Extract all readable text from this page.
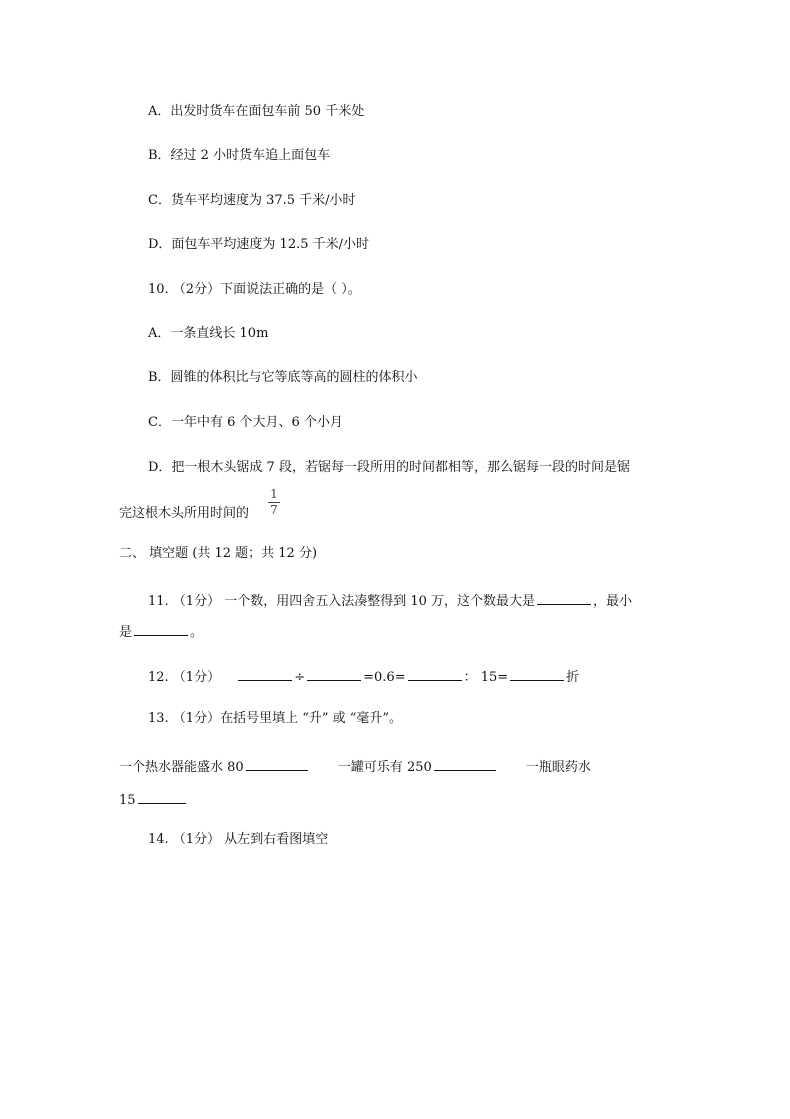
A．出发时货车在面包车前 50 千米处
B．经过 2 小时货车追上面包车
C．货车平均速度为 37.5 千米/小时
D．面包车平均速度为 12.5 千米/小时
10. （2分）下面说法正确的是（ ）。
A．一条直线长 10m
B．圆锥的体积比与它等底等高的圆柱的体积小
C．一年中有 6 个大月、6 个小月
D．把一根木头锯成 7 段，若锯每一段所用的时间都相等，那么锯每一段的时间是锯
完这根木头所用时间的
1
7
二、 填空题 (共 12 题；共 12 分)
11. （1分） 一个数，用四舍五入法凑整得到 10 万，这个数最大是	，最小
是	。
12. （1分）	÷	=0.6=	： 15=	折
13. （1分）在括号里填上 “升” 或 “毫升”。
一个热水器能盛水 80	一罐可乐有 250	一瓶眼药水
15
14. （1分） 从左到右看图填空
